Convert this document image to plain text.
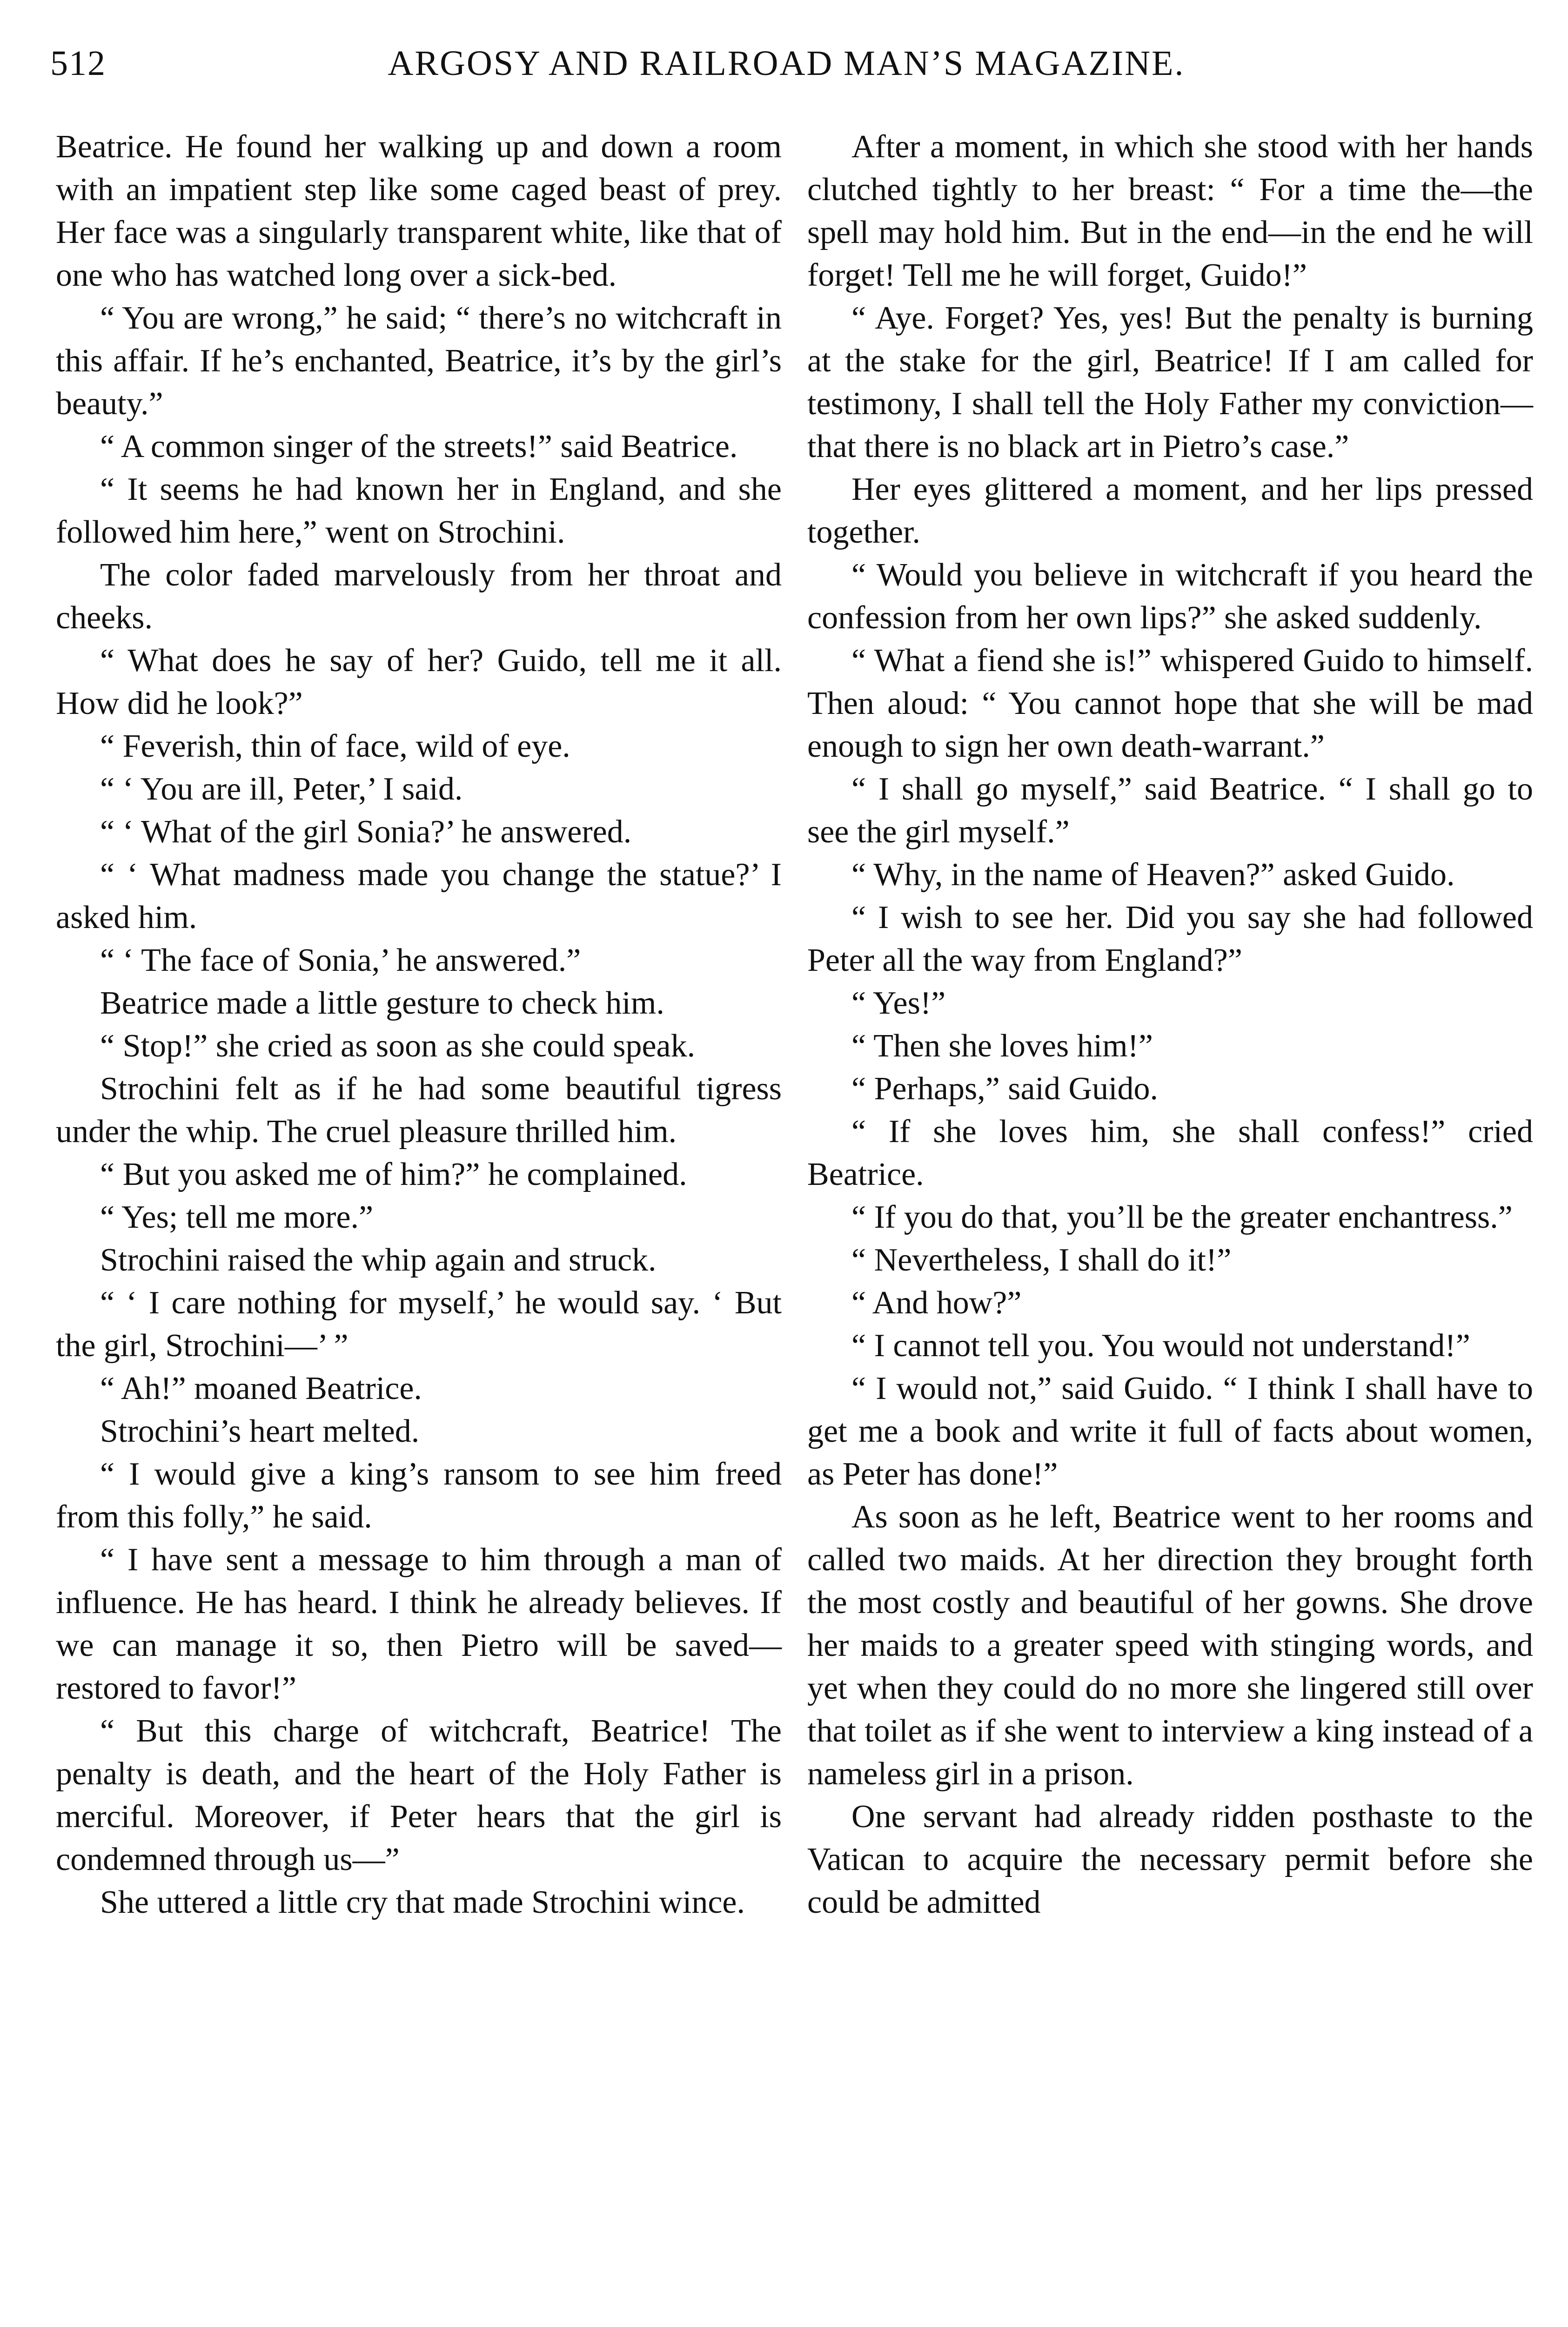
512	ARGOSY AND RAILROAD MAN’S MAGAZINE.

Beatrice. He found her walking up and down a room with an impatient step like some caged beast of prey. Her face was a singularly transparent white, like that of one who has watched long over a sick-bed.

“ You are wrong,” he said; “ there’s no witchcraft in this affair. If he’s enchanted, Beatrice, it’s by the girl’s beauty.”

“ A common singer of the streets!” said Beatrice.

“ It seems he had known her in England, and she followed him here,” went on Strochini.

The color faded marvelously from her throat and cheeks.

“ What does he say of her? Guido, tell me it all. How did he look?”

“ Feverish, thin of face, wild of eye.

“ ‘ You are ill, Peter,’ I said.

“ ‘ What of the girl Sonia?’ he answered.

“ ‘ What madness made you change the statue?’ I asked him.

“ ‘ The face of Sonia,’ he answered.”

Beatrice made a little gesture to check him.

“ Stop!” she cried as soon as she could speak.

Strochini felt as if he had some beautiful tigress under the whip. The cruel pleasure thrilled him.

“ But you asked me of him?” he complained.

“ Yes; tell me more.”

Strochini raised the whip again and struck.

“ ‘ I care nothing for myself,’ he would say. ‘ But the girl, Strochini—’ ”

“ Ah!” moaned Beatrice.

Strochini’s heart melted.

“ I would give a king’s ransom to see him freed from this folly,” he said.

“ I have sent a message to him through a man of influence. He has heard. I think he already believes. If we can manage it so, then Pietro will be saved—restored to favor!”

“ But this charge of witchcraft, Beatrice! The penalty is death, and the heart of the Holy Father is merciful. Moreover, if Peter hears that the girl is condemned through us—”

She uttered a little cry that made Strochini wince.

After a moment, in which she stood with her hands clutched tightly to her breast: “ For a time the—the spell may hold him. But in the end—in the end he will forget! Tell me he will forget, Guido!”

“ Aye. Forget? Yes, yes! But the penalty is burning at the stake for the girl, Beatrice! If I am called for testimony, I shall tell the Holy Father my conviction—that there is no black art in Pietro’s case.”

Her eyes glittered a moment, and her lips pressed together.

“ Would you believe in witchcraft if you heard the confession from her own lips?” she asked suddenly.

“ What a fiend she is!” whispered Guido to himself. Then aloud: “ You cannot hope that she will be mad enough to sign her own death-warrant.”

“ I shall go myself,” said Beatrice. “ I shall go to see the girl myself.”

“ Why, in the name of Heaven?” asked Guido.

“ I wish to see her. Did you say she had followed Peter all the way from England?”

“ Yes!”

“ Then she loves him!”

“ Perhaps,” said Guido.

“ If she loves him, she shall confess!” cried Beatrice.

“ If you do that, you’ll be the greater enchantress.”

“ Nevertheless, I shall do it!”

“ And how?”

“ I cannot tell you. You would not understand!”

“ I would not,” said Guido. “ I think I shall have to get me a book and write it full of facts about women, as Peter has done!”

As soon as he left, Beatrice went to her rooms and called two maids. At her direction they brought forth the most costly and beautiful of her gowns. She drove her maids to a greater speed with stinging words, and yet when they could do no more she lingered still over that toilet as if she went to interview a king instead of a nameless girl in a prison.

One servant had already ridden posthaste to the Vatican to acquire the necessary permit before she could be admitted
